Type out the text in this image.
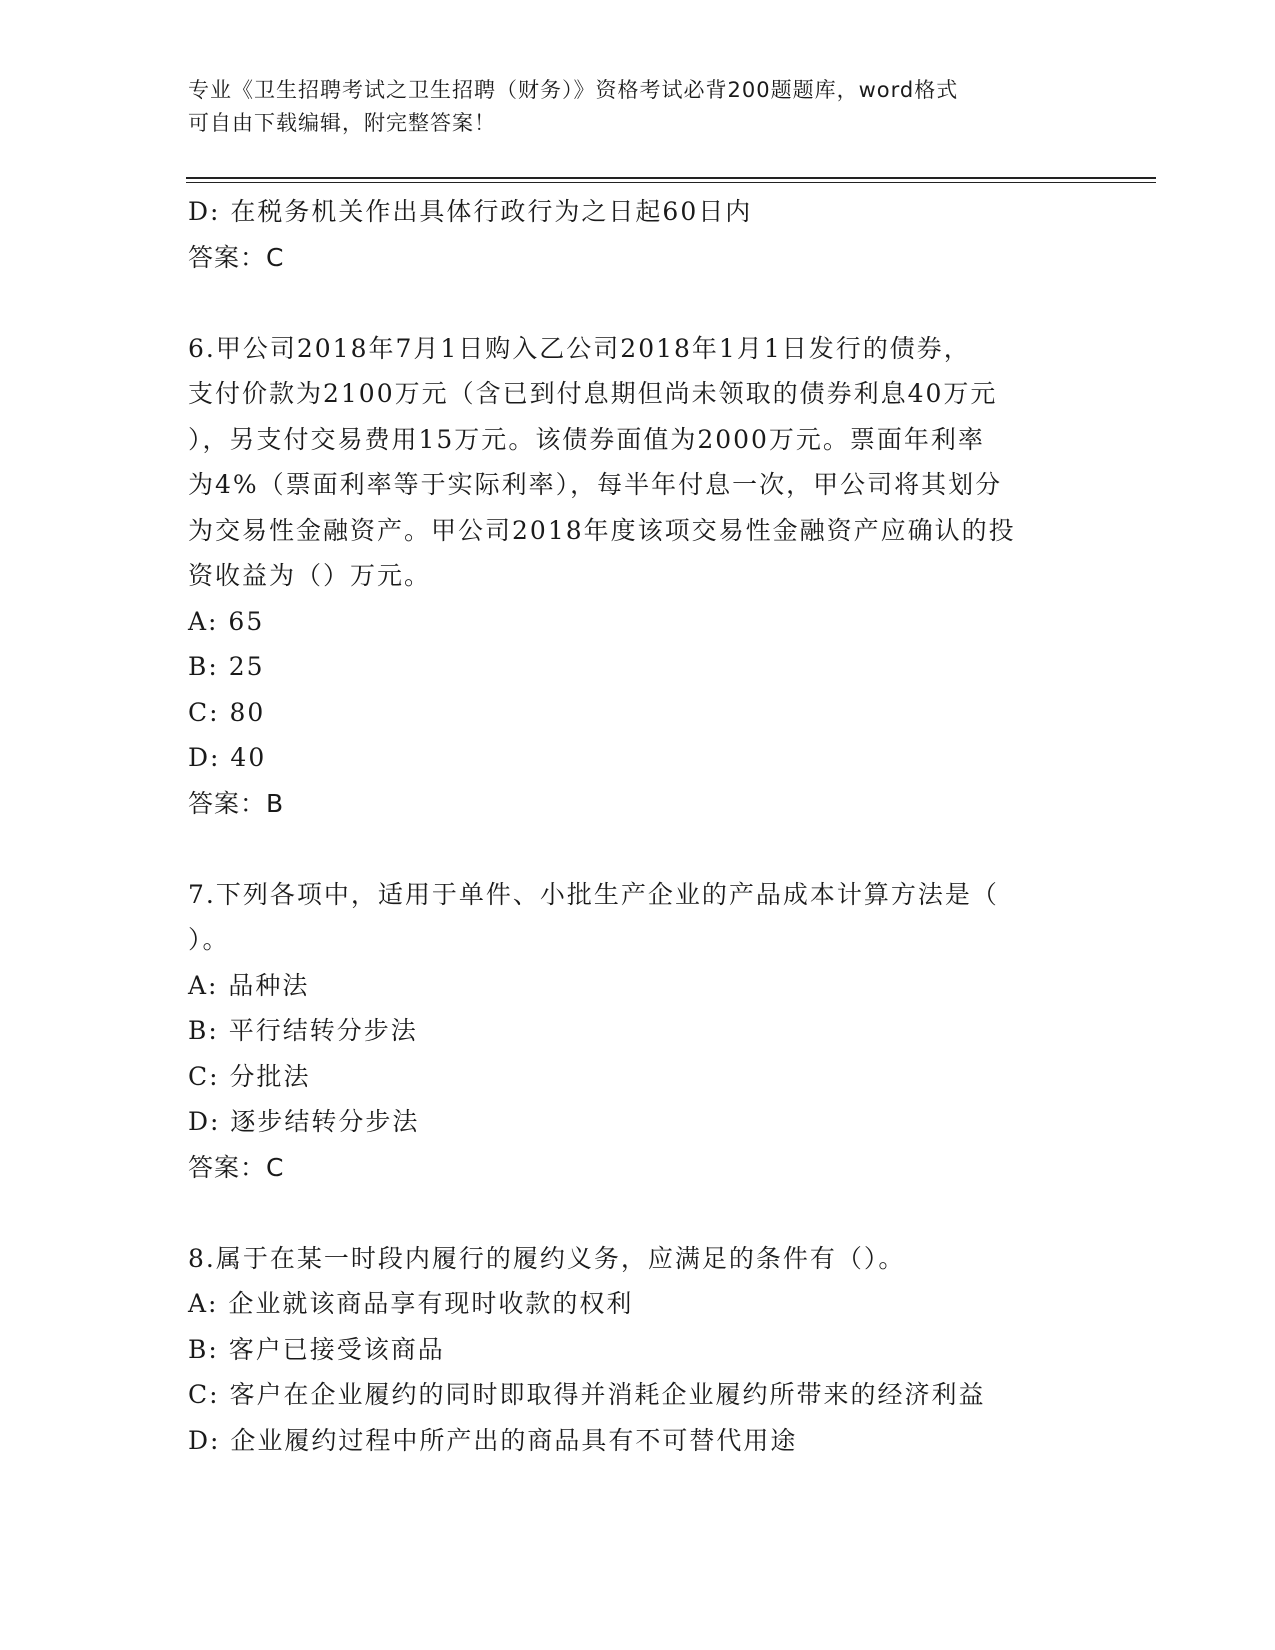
专业《卫生招聘考试之卫生招聘（财务）》资格考试必背200题题库，word格式
可自由下载编辑，附完整答案！
D: 在税务机关作出具体行政行为之日起60日内
答案：C
6.甲公司2018年7月1日购入乙公司2018年1月1日发行的债券，
支付价款为2100万元（含已到付息期但尚未领取的债券利息40万元
），另支付交易费用15万元。该债券面值为2000万元。票面年利率
为4%（票面利率等于实际利率），每半年付息一次，甲公司将其划分
为交易性金融资产。甲公司2018年度该项交易性金融资产应确认的投
资收益为（）万元。
A: 65
B: 25
C: 80
D: 40
答案：B
7.下列各项中，适用于单件、小批生产企业的产品成本计算方法是（
）。
A: 品种法
B: 平行结转分步法
C: 分批法
D: 逐步结转分步法
答案：C
8.属于在某一时段内履行的履约义务，应满足的条件有（）。
A: 企业就该商品享有现时收款的权利
B: 客户已接受该商品
C: 客户在企业履约的同时即取得并消耗企业履约所带来的经济利益
D: 企业履约过程中所产出的商品具有不可替代用途
